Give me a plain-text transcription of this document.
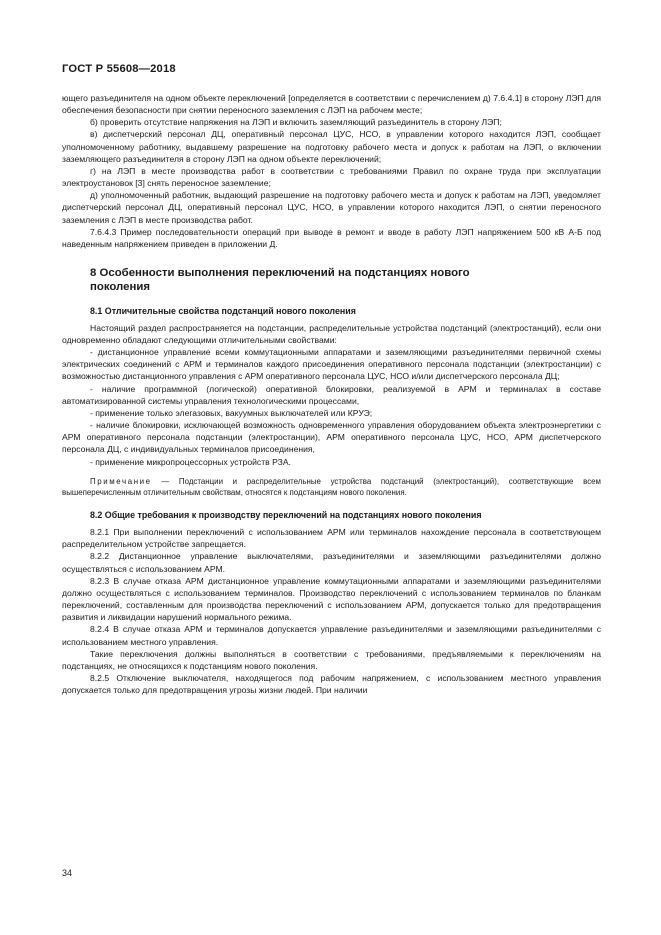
ГОСТ Р 55608—2018

ющего разъединителя на одном объекте переключений [определяется в соответствии с перечислением д) 7.6.4.1] в сторону ЛЭП для обеспечения безопасности при снятии переносного заземления с ЛЭП на рабочем месте;

б) проверить отсутствие напряжения на ЛЭП и включить заземляющий разъединитель в сторону ЛЭП;

в) диспетчерский персонал ДЦ, оперативный персонал ЦУС, НСО, в управлении которого находится ЛЭП, сообщает уполномоченному работнику, выдавшему разрешение на подготовку рабочего места и допуск к работам на ЛЭП, о включении заземляющего разъединителя в сторону ЛЭП на одном объекте переключений;

г) на ЛЭП в месте производства работ в соответствии с требованиями Правил по охране труда при эксплуатации электроустановок [3] снять переносное заземление;

д) уполномоченный работник, выдающий разрешение на подготовку рабочего места и допуск к работам на ЛЭП, уведомляет диспетчерский персонал ДЦ, оперативный персонал ЦУС, НСО, в управлении которого находится ЛЭП, о снятии переносного заземления с ЛЭП в месте производства работ.

7.6.4.3 Пример последовательности операций при выводе в ремонт и вводе в работу ЛЭП напряжением 500 кВ А-Б под наведенным напряжением приведен в приложении Д.

8 Особенности выполнения переключений на подстанциях нового поколения
8.1 Отличительные свойства подстанций нового поколения

Настоящий раздел распространяется на подстанции, распределительные устройства подстанций (электростанций), если они одновременно обладают следующими отличительными свойствами:

- дистанционное управление всеми коммутационными аппаратами и заземляющими разъединителями первичной схемы электрических соединений с АРМ и терминалов каждого присоединения оперативного персонала подстанции (электростанции) с возможностью дистанционного управления с АРМ оперативного персонала ЦУС, НСО и/или диспетчерского персонала ДЦ;

- наличие программной (логической) оперативной блокировки, реализуемой в АРМ и терминалах в составе автоматизированной системы управления технологическими процессами,

- применение только элегазовых, вакуумных выключателей или КРУЭ;

- наличие блокировки, исключающей возможность одновременного управления оборудованием объекта электроэнергетики с АРМ оперативного персонала подстанции (электростанции), АРМ оперативного персонала ЦУС, НСО, АРМ диспетчерского персонала ДЦ, с индивидуальных терминалов присоединения,

- применение микропроцессорных устройств РЗА.

Примечание — Подстанции и распределительные устройства подстанций (электростанций), соответствующие всем вышеперечисленным отличительным свойствам, относятся к подстанциям нового поколения.

8.2 Общие требования к производству переключений на подстанциях нового поколения

8.2.1 При выполнении переключений с использованием АРМ или терминалов нахождение персонала в соответствующем распределительном устройстве запрещается.

8.2.2 Дистанционное управление выключателями, разъединителями и заземляющими разъединителями должно осуществляться с использованием АРМ.

8.2.3 В случае отказа АРМ дистанционное управление коммутационными аппаратами и заземляющими разъединителями должно осуществляться с использованием терминалов. Производство переключений с использованием терминалов по бланкам переключений, составленным для производства переключений с использованием АРМ, допускается только для предотвращения развития и ликвидации нарушений нормального режима.

8.2.4 В случае отказа АРМ и терминалов допускается управление разъединителями и заземляющими разъединителями с использованием местного управления.

Такие переключения должны выполняться в соответствии с требованиями, предъявляемыми к переключениям на подстанциях, не относящихся к подстанциям нового поколения.

8.2.5 Отключение выключателя, находящегося под рабочим напряжением, с использованием местного управления допускается только для предотвращения угрозы жизни людей. При наличии

34
